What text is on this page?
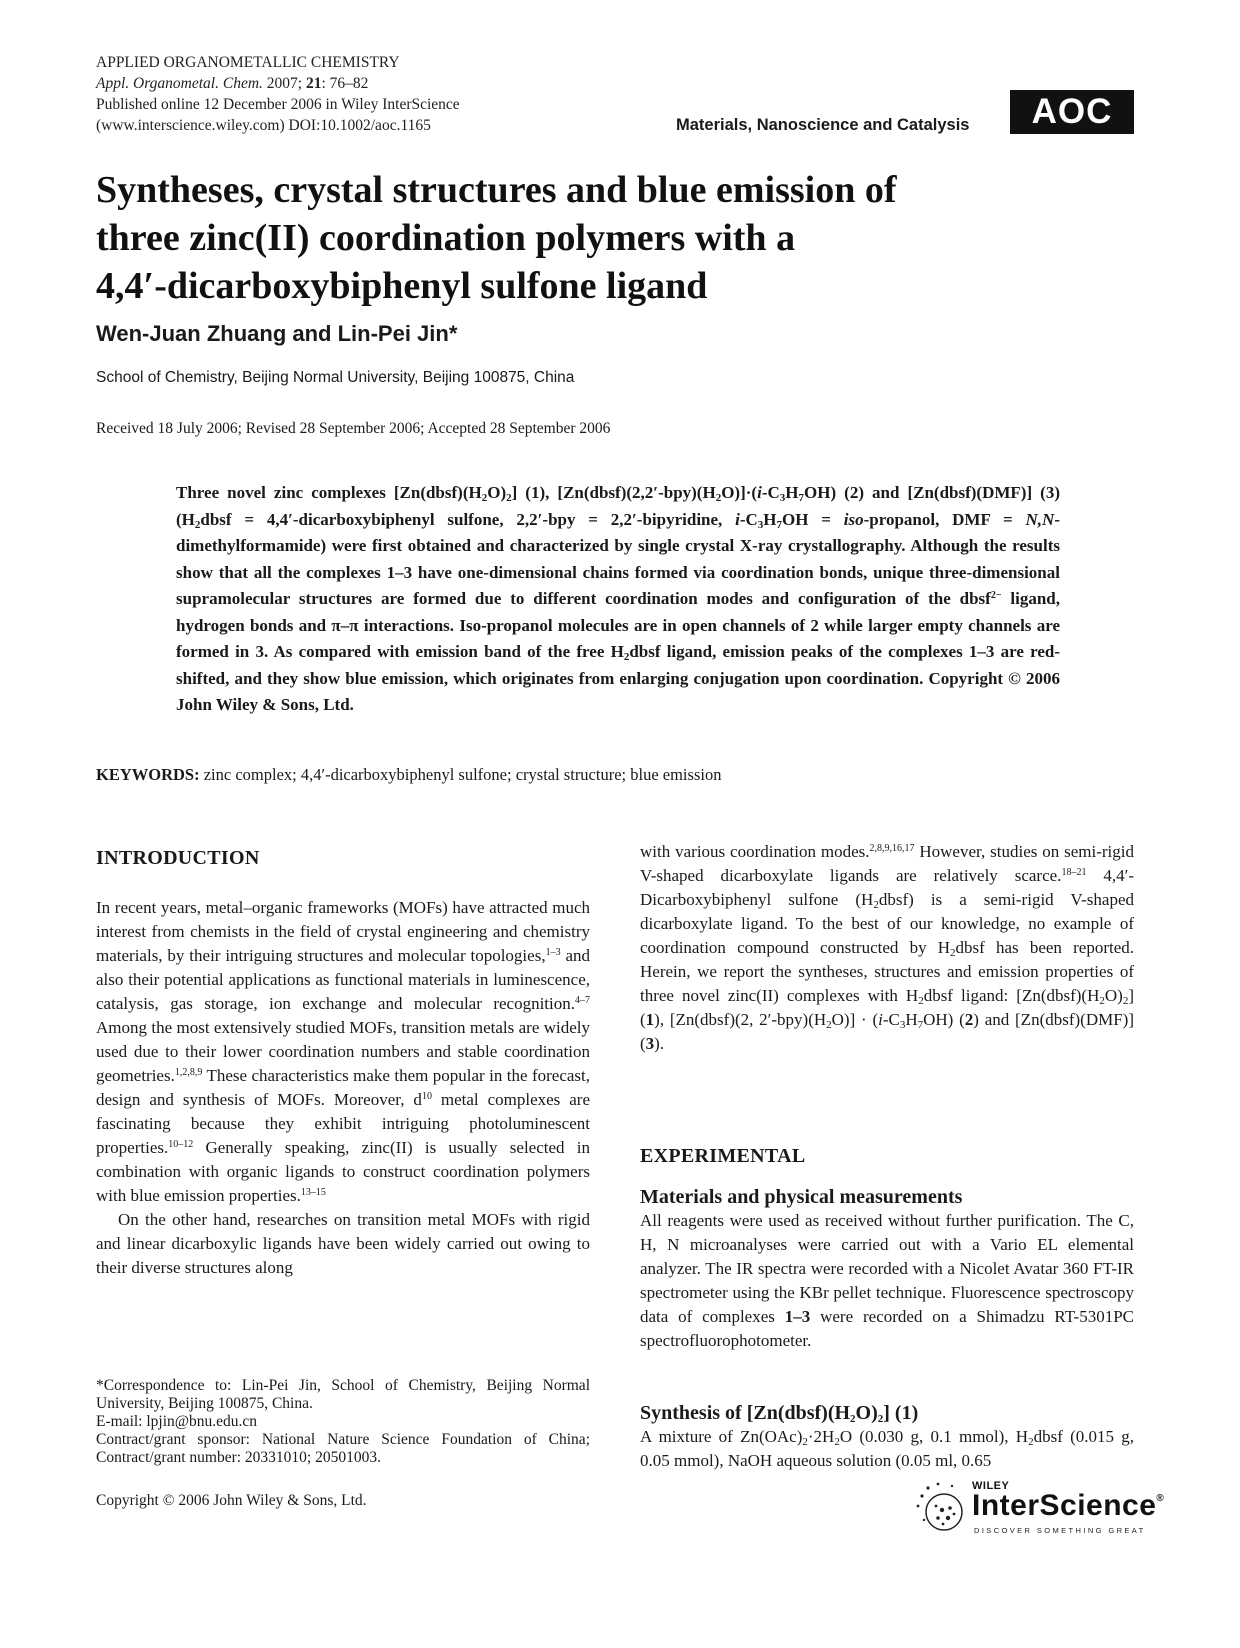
APPLIED ORGANOMETALLIC CHEMISTRY
Appl. Organometal. Chem. 2007; 21: 76–82
Published online 12 December 2006 in Wiley InterScience
(www.interscience.wiley.com) DOI:10.1002/aoc.1165	Materials, Nanoscience and Catalysis	AOC
Syntheses, crystal structures and blue emission of
three zinc(II) coordination polymers with a
4,4′-dicarboxybiphenyl sulfone ligand
Wen-Juan Zhuang and Lin-Pei Jin*
School of Chemistry, Beijing Normal University, Beijing 100875, China
Received 18 July 2006; Revised 28 September 2006; Accepted 28 September 2006
Three novel zinc complexes $[Zn(dbsf)(H_2O)_2]$ (1), $[Zn(dbsf)(2,2'-bpy)(H_2O)]\cdot(i-C_3H_7OH)$ (2) and [Zn(dbsf)(DMF)] (3) ($H_2dbsf$ = 4,4′-dicarboxybiphenyl sulfone, 2,2′-bpy = 2,2′-bipyridine, $i-C_3H_7OH$ = iso-propanol, DMF = N,N-dimethylformamide) were first obtained and characterized by single crystal X-ray crystallography. Although the results show that all the complexes 1–3 have one-dimensional chains formed via coordination bonds, unique three-dimensional supramolecular structures are formed due to different coordination modes and configuration of the dbsf$^{2-}$ ligand, hydrogen bonds and π–π interactions. Iso-propanol molecules are in open channels of 2 while larger empty channels are formed in 3. As compared with emission band of the free $H_2dbsf$ ligand, emission peaks of the complexes 1–3 are red-shifted, and they show blue emission, which originates from enlarging conjugation upon coordination. Copyright © 2006 John Wiley & Sons, Ltd.
KEYWORDS: zinc complex; 4,4′-dicarboxybiphenyl sulfone; crystal structure; blue emission
INTRODUCTION

In recent years, metal–organic frameworks (MOFs) have attracted much interest from chemists in the field of crystal engineering and chemistry materials, by their intriguing structures and molecular topologies,$^{1-3}$ and also their potential applications as functional materials in luminescence, catalysis, gas storage, ion exchange and molecular recognition.$^{4-7}$ Among the most extensively studied MOFs, transition metals are widely used due to their lower coordination numbers and stable coordination geometries.$^{1,2,8,9}$ These characteristics make them popular in the forecast, design and synthesis of MOFs. Moreover, $d^{10}$ metal complexes are fascinating because they exhibit intriguing photoluminescent properties.$^{10-12}$ Generally speaking, zinc(II) is usually selected in combination with organic ligands to construct coordination polymers with blue emission properties.$^{13-15}$

On the other hand, researches on transition metal MOFs with rigid and linear dicarboxylic ligands have been widely carried out owing to their diverse structures along

*Correspondence to: Lin-Pei Jin, School of Chemistry, Beijing Normal University, Beijing 100875, China.

E-mail: lpjin@bnu.edu.cn

Contract/grant sponsor: National Nature Science Foundation of China; Contract/grant number: 20331010; 20501003.

Copyright © 2006 John Wiley & Sons, Ltd.

with various coordination modes.$^{2,8,9,16,17}$ However, studies on semi-rigid V-shaped dicarboxylate ligands are relatively scarce.$^{18-21}$ 4,4′-Dicarboxybiphenyl sulfone $(H_2dbsf)$ is a semi-rigid V-shaped dicarboxylate ligand. To the best of our knowledge, no example of coordination compound constructed by $H_2dbsf$ has been reported. Herein, we report the syntheses, structures and emission properties of three novel zinc(II) complexes with $H_2dbsf$ ligand: $[Zn(dbsf)(H_2O)_2]$ (1), [Zn(dbsf)(2, $2'-bpy)(H_2O)] \cdot (i-C_3H_7OH)$ (2) and [Zn(dbsf)(DMF)] (3).

EXPERIMENTAL
Materials and physical measurements

All reagents were used as received without further purification. The C, H, N microanalyses were carried out with a Vario EL elemental analyzer. The IR spectra were recorded with a Nicolet Avatar 360 FT-IR spectrometer using the KBr pellet technique. Fluorescence spectroscopy data of complexes 1–3 were recorded on a Shimadzu RT-5301PC spectrofluorophotometer.

Synthesis of $[Zn(dbsf)(H_2O)_2]$ (1)

A mixture of $Zn(OAc)_2\cdot 2H_2O$ (0.030 g, 0.1 mmol), $H_2dbsf$ (0.015 g, 0.05 mmol), NaOH aqueous solution (0.05 ml, 0.65

WILEY
InterScience®
DISCOVER SOMETHING GREAT
